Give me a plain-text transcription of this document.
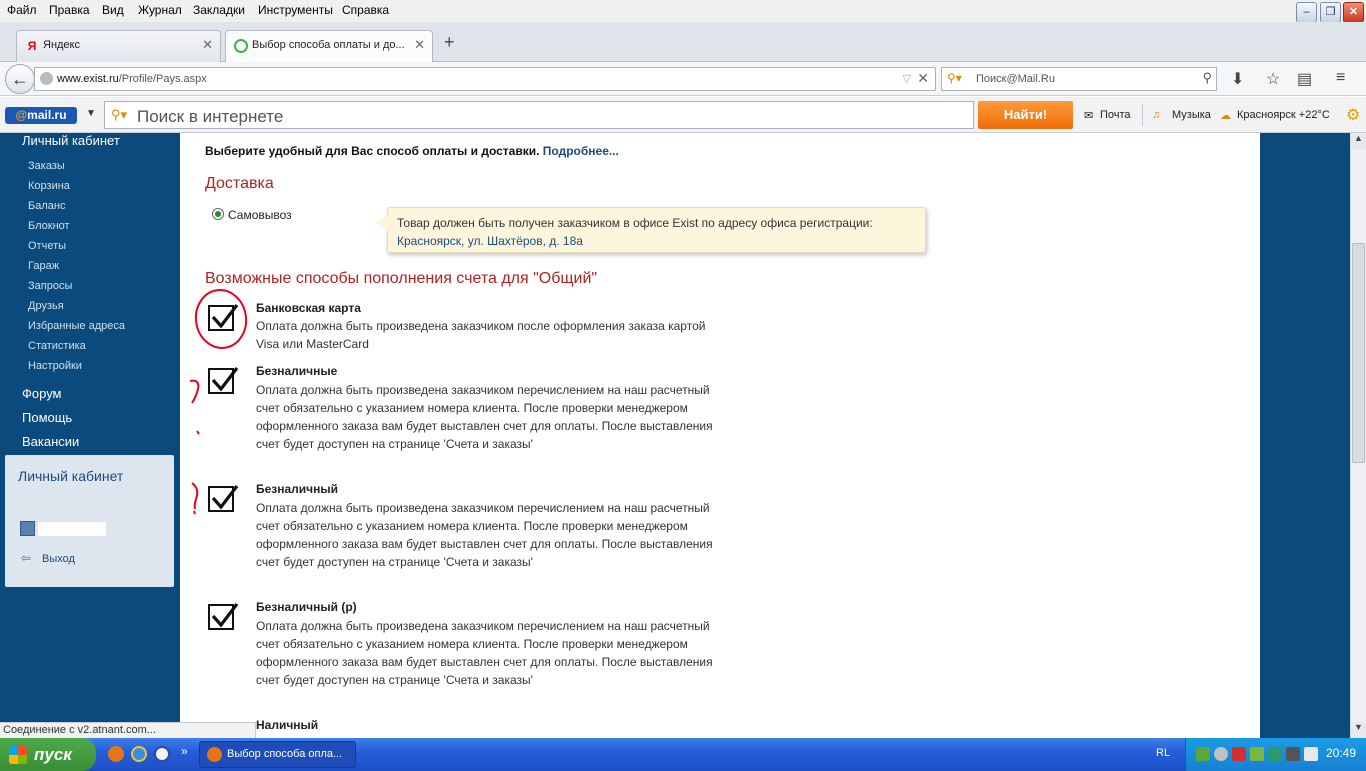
Файл Правка Вид Журнал Закладки Инструменты Справка	–	❐	✕
Я Яндекс	✕	Выбор способа оплаты и до... ✕ +
www.exist.ru/Profile/Pays.aspx	▽ ✕
←	⚲▾ Поиск@Mail.Ru	⚲ ⬇ ☆ ▤ ≡
@mail.ru	▼ ⚲▾ Поиск в интернете	Найти!	✉ Почта ♫ Музыка ☁ Красноярск +22°C ⚙
Личный кабинет
Заказы
Корзина
Баланс
Блокнот
Отчеты
Гараж
Запросы
Друзья
Избранные адреса
Статистика
Настройки
Форум
Помощь
Вакансии
Личный кабинет
⇦ Выход
Выберите удобный для Вас способ оплаты и доставки. Подробнее...
Доставка
Самовывоз
Товар должен быть получен заказчиком в офисе Exist по адресу офиса регистрации:
Красноярск, ул. Шахтёров, д. 18а
Возможные способы пополнения счета для "Общий"
Банковская карта
Оплата должна быть произведена заказчиком после оформления заказа картой Visa или MasterCard
Безналичные
Оплата должна быть произведена заказчиком перечислением на наш расчетный счет обязательно с указанием номера клиента. После проверки менеджером оформленного заказа вам будет выставлен счет для оплаты. После выставления счет будет доступен на странице 'Счета и заказы'
Безналичный
Оплата должна быть произведена заказчиком перечислением на наш расчетный счет обязательно с указанием номера клиента. После проверки менеджером оформленного заказа вам будет выставлен счет для оплаты. После выставления счет будет доступен на странице 'Счета и заказы'
Безналичный (р)
Оплата должна быть произведена заказчиком перечислением на наш расчетный счет обязательно с указанием номера клиента. После проверки менеджером оформленного заказа вам будет выставлен счет для оплаты. После выставления счет будет доступен на странице 'Счета и заказы'
Наличный
▲
▼
Соединение с v2.atnant.com...
пуск	»	Выбор способа опла...	RL	20:49
